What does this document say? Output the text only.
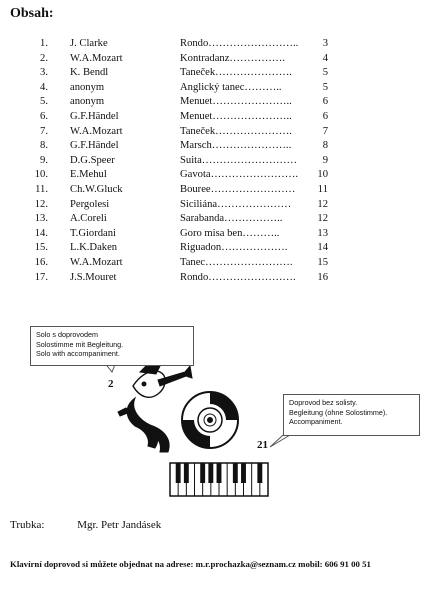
Obsah:
1. J. Clarke	Rondo……………………..	3
2. W.A.Mozart	Kontradanz…………….	4
3. K. Bendl	Taneček………………….	5
4. anonym	Anglický tanec………..	5
5. anonym	Menuet…………………..	6
6. G.F.Händel	Menuet…………………..	6
7. W.A.Mozart	Taneček………………….	7
8. G.F.Händel	Marsch…………………..	8
9. D.G.Speer	Suita………………………	9
10. E.Mehul	Gavota…………………….	10
11. Ch.W.Gluck	Bouree……………………	11
12. Pergolesi	Siciliána…………………	12
13. A.Coreli	Sarabanda……………..	12
14. T.Giordani	Goro misa ben………..	13
15. L.K.Daken	Riguadon……………….	14
16. W.A.Mozart	Tanec…………………….	15
17. J.S.Mouret	Rondo…………………….	16
Solo s doprovodem
Solostimme mit Begleitung.
Solo with accompaniment.
Doprovod bez solisty.
Begleitung (ohne Solostimme).
Accompaniment.
2
21
Trubka:	Mgr. Petr Jandásek
Klavírní doprovod si můžete objednat na adrese: m.r.prochazka@seznam.cz mobil: 606 91 00 51
